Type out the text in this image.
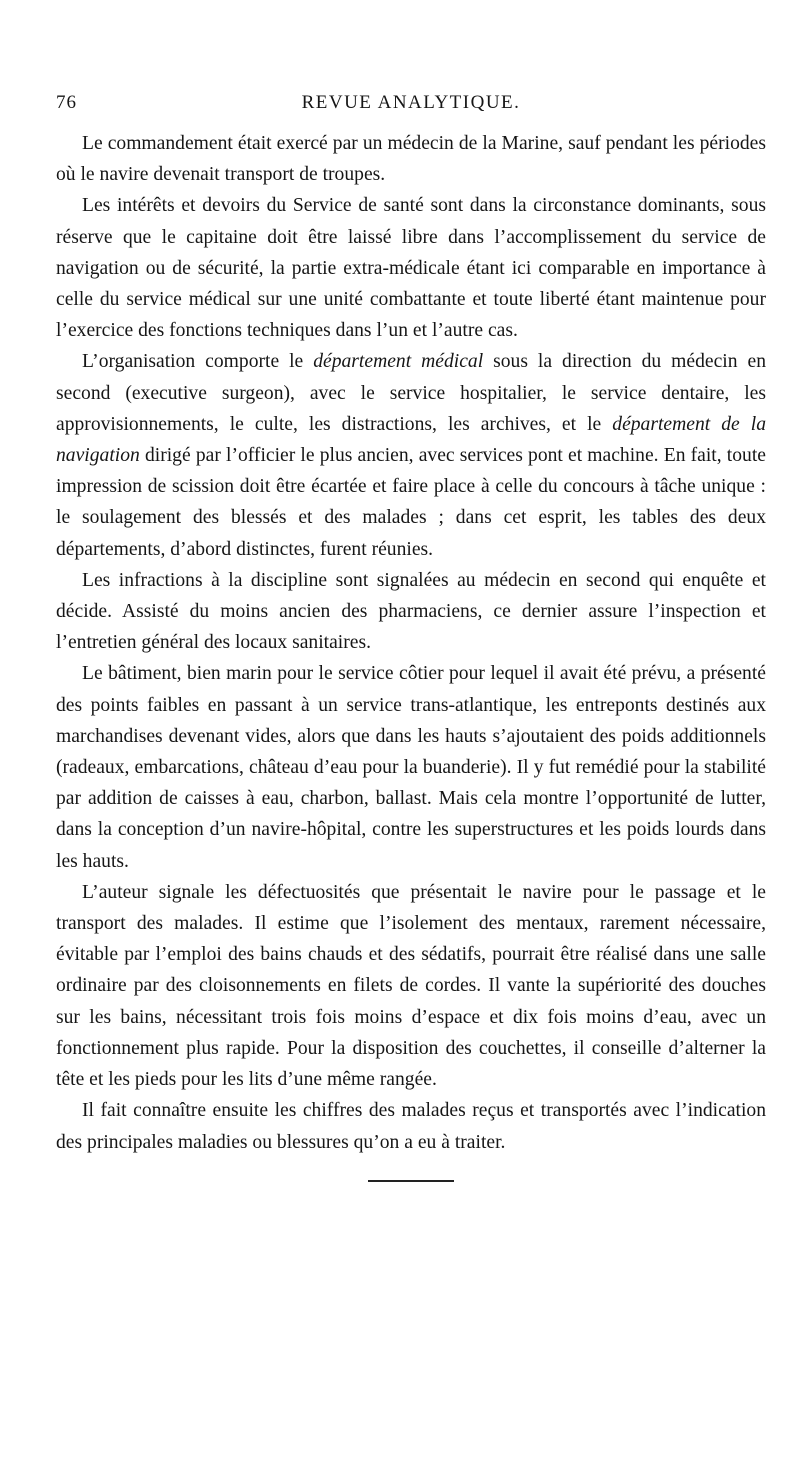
76	REVUE ANALYTIQUE.

Le commandement était exercé par un médecin de la Marine, sauf pendant les périodes où le navire devenait transport de troupes.

Les intérêts et devoirs du Service de santé sont dans la circonstance dominants, sous réserve que le capitaine doit être laissé libre dans l’accomplissement du service de navigation ou de sécurité, la partie extra-médicale étant ici comparable en importance à celle du service médical sur une unité combattante et toute liberté étant maintenue pour l’exercice des fonctions techniques dans l’un et l’autre cas.

L’organisation comporte le département médical sous la direction du médecin en second (executive surgeon), avec le service hospitalier, le service dentaire, les approvisionnements, le culte, les distractions, les archives, et le département de la navigation dirigé par l’officier le plus ancien, avec services pont et machine. En fait, toute impression de scission doit être écartée et faire place à celle du concours à tâche unique : le soulagement des blessés et des malades ; dans cet esprit, les tables des deux départements, d’abord distinctes, furent réunies.

Les infractions à la discipline sont signalées au médecin en second qui enquête et décide. Assisté du moins ancien des pharmaciens, ce dernier assure l’inspection et l’entretien général des locaux sanitaires.

Le bâtiment, bien marin pour le service côtier pour lequel il avait été prévu, a présenté des points faibles en passant à un service trans-atlantique, les entreponts destinés aux marchandises devenant vides, alors que dans les hauts s’ajoutaient des poids additionnels (radeaux, embarcations, château d’eau pour la buanderie). Il y fut remédié pour la stabilité par addition de caisses à eau, charbon, ballast. Mais cela montre l’opportunité de lutter, dans la conception d’un navire-hôpital, contre les superstructures et les poids lourds dans les hauts.

L’auteur signale les défectuosités que présentait le navire pour le passage et le transport des malades. Il estime que l’isolement des mentaux, rarement nécessaire, évitable par l’emploi des bains chauds et des sédatifs, pourrait être réalisé dans une salle ordinaire par des cloisonnements en filets de cordes. Il vante la supériorité des douches sur les bains, nécessitant trois fois moins d’espace et dix fois moins d’eau, avec un fonctionnement plus rapide. Pour la disposition des couchettes, il conseille d’alterner la tête et les pieds pour les lits d’une même rangée.

Il fait connaître ensuite les chiffres des malades reçus et transportés avec l’indication des principales maladies ou blessures qu’on a eu à traiter.
